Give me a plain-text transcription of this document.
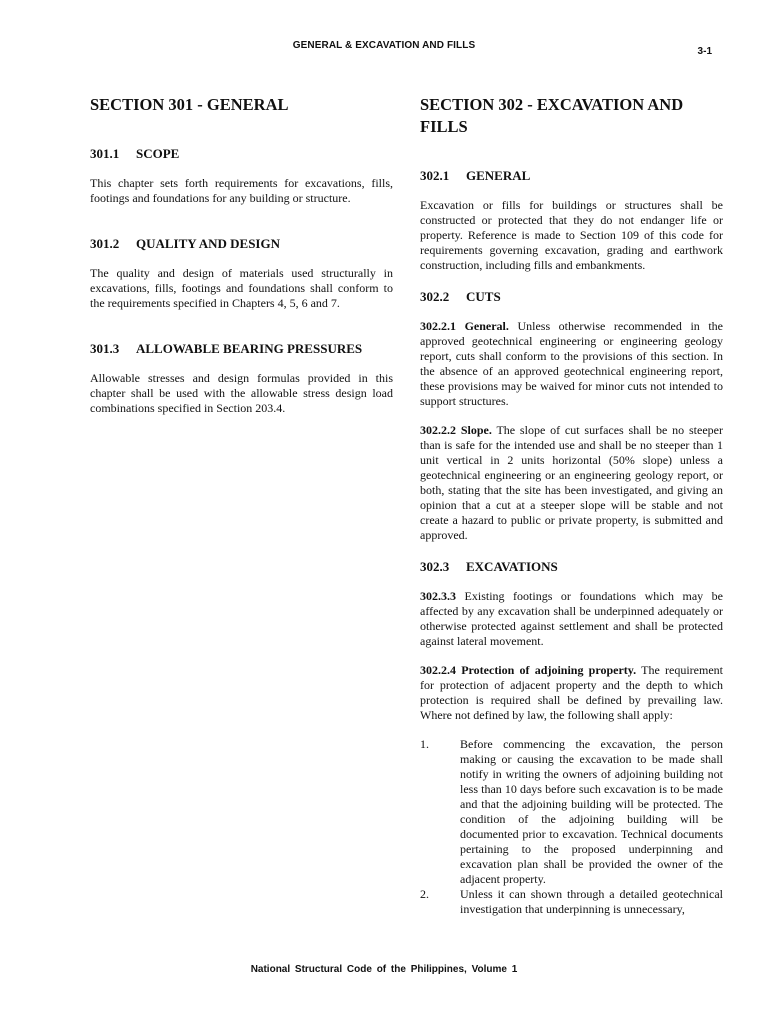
GENERAL & EXCAVATION AND FILLS
3-1
SECTION 301 - GENERAL
301.1 SCOPE

This chapter sets forth requirements for excavations, fills, footings and foundations for any building or structure.

301.2 QUALITY AND DESIGN

The quality and design of materials used structurally in excavations, fills, footings and foundations shall conform to the requirements specified in Chapters 4, 5, 6 and 7.

301.3 ALLOWABLE BEARING PRESSURES

Allowable stresses and design formulas provided in this chapter shall be used with the allowable stress design load combinations specified in Section 203.4.

SECTION 302 - EXCAVATION AND FILLS
302.1 GENERAL

Excavation or fills for buildings or structures shall be constructed or protected that they do not endanger life or property. Reference is made to Section 109 of this code for requirements governing excavation, grading and earthwork construction, including fills and embankments.

302.2 CUTS

302.2.1 General. Unless otherwise recommended in the approved geotechnical engineering or engineering geology report, cuts shall conform to the provisions of this section. In the absence of an approved geotechnical engineering report, these provisions may be waived for minor cuts not intended to support structures.

302.2.2 Slope. The slope of cut surfaces shall be no steeper than is safe for the intended use and shall be no steeper than 1 unit vertical in 2 units horizontal (50% slope) unless a geotechnical engineering or an engineering geology report, or both, stating that the site has been investigated, and giving an opinion that a cut at a steeper slope will be stable and not create a hazard to public or private property, is submitted and approved.

302.3 EXCAVATIONS

302.3.3 Existing footings or foundations which may be affected by any excavation shall be underpinned adequately or otherwise protected against settlement and shall be protected against lateral movement.

302.2.4 Protection of adjoining property. The requirement for protection of adjacent property and the depth to which protection is required shall be defined by prevailing law. Where not defined by law, the following shall apply:

1.	Before commencing the excavation, the person making or causing the excavation to be made shall notify in writing the owners of adjoining building not less than 10 days before such excavation is to be made and that the adjoining building will be protected. The condition of the adjoining building will be documented prior to excavation. Technical documents pertaining to the proposed underpinning and excavation plan shall be provided the owner of the adjacent property.
2.	Unless it can shown through a detailed geotechnical investigation that underpinning is unnecessary,
National Structural Code of the Philippines, Volume 1
